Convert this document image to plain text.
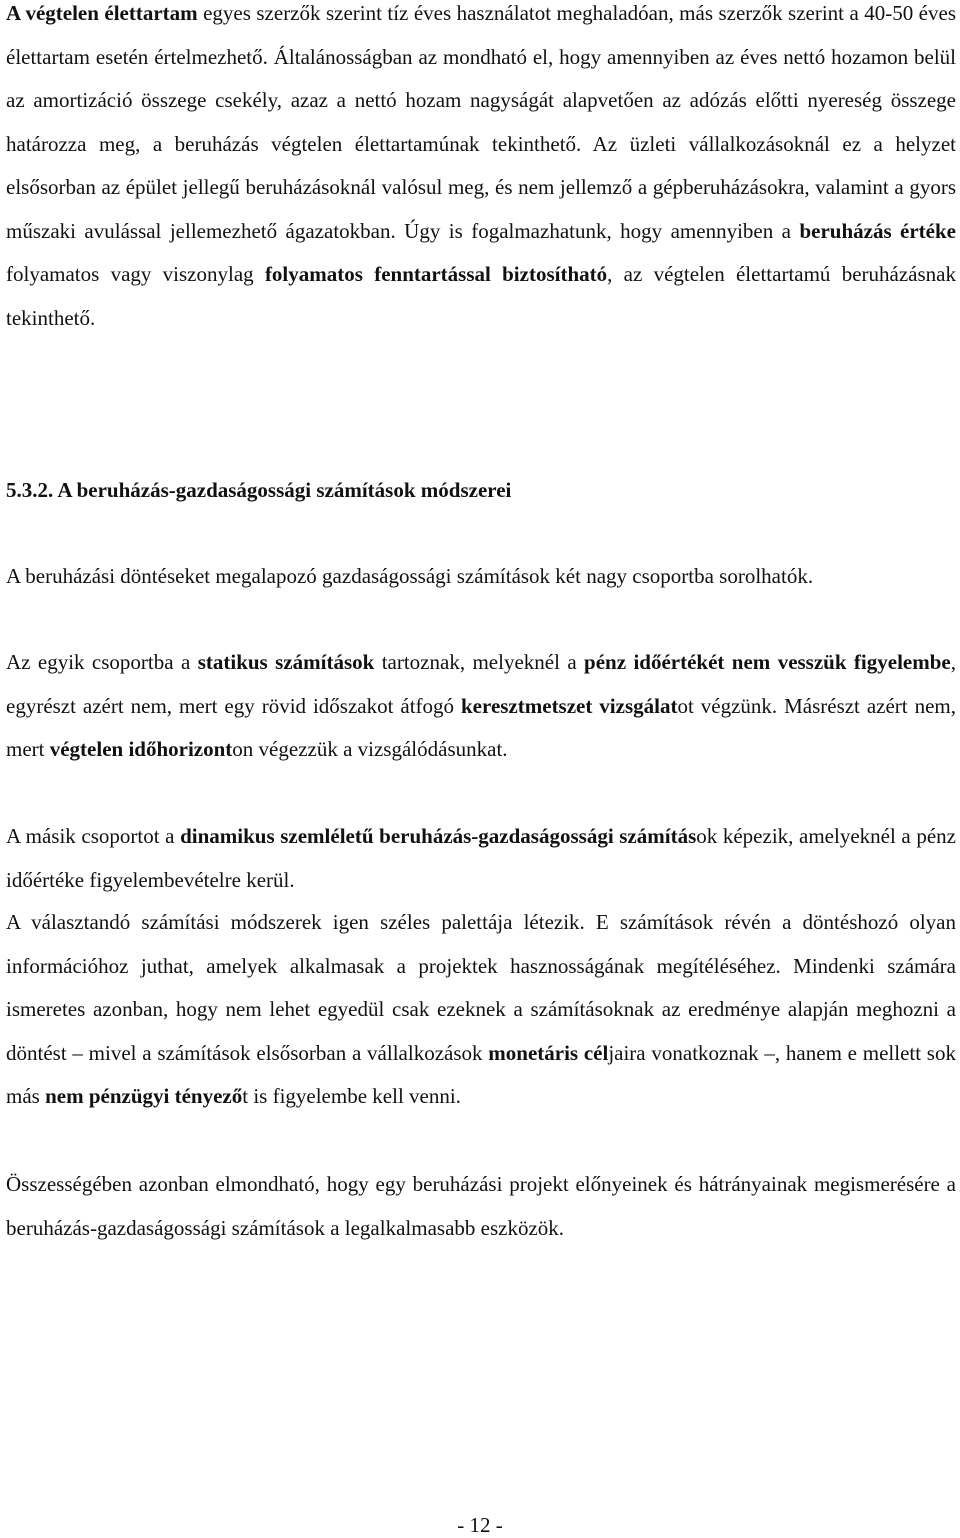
A végtelen élettartam egyes szerzők szerint tíz éves használatot meghaladóan, más szerzők szerint a 40-50 éves élettartam esetén értelmezhető. Általánosságban az mondható el, hogy amennyiben az éves nettó hozamon belül az amortizáció összege csekély, azaz a nettó hozam nagyságát alapvetően az adózás előtti nyereség összege határozza meg, a beruházás végtelen élettartamúnak tekinthető. Az üzleti vállalkozásoknál ez a helyzet elsősorban az épület jellegű beruházásoknál valósul meg, és nem jellemző a gépberuházásokra, valamint a gyors műszaki avulással jellemezhető ágazatokban. Úgy is fogalmazhatunk, hogy amennyiben a beruházás értéke folyamatos vagy viszonylag folyamatos fenntartással biztosítható, az végtelen élettartamú beruházásnak tekinthető.

5.3.2. A beruházás-gazdaságossági számítások módszerei

A beruházási döntéseket megalapozó gazdaságossági számítások két nagy csoportba sorolhatók.

Az egyik csoportba a statikus számítások tartoznak, melyeknél a pénz időértékét nem vesszük figyelembe, egyrészt azért nem, mert egy rövid időszakot átfogó keresztmetszet vizsgálatot végzünk. Másrészt azért nem, mert végtelen időhorizonton végezzük a vizsgálódásunkat.

A másik csoportot a dinamikus szemléletű beruházás-gazdaságossági számítások képezik, amelyeknél a pénz időértéke figyelembevételre kerül.

A választandó számítási módszerek igen széles palettája létezik. E számítások révén a döntéshozó olyan információhoz juthat, amelyek alkalmasak a projektek hasznosságának megítéléséhez. Mindenki számára ismeretes azonban, hogy nem lehet egyedül csak ezeknek a számításoknak az eredménye alapján meghozni a döntést – mivel a számítások elsősorban a vállalkozások monetáris céljaira vonatkoznak –, hanem e mellett sok más nem pénzügyi tényezőt is figyelembe kell venni.

Összességében azonban elmondható, hogy egy beruházási projekt előnyeinek és hátrányainak megismerésére a beruházás-gazdaságossági számítások a legalkalmasabb eszközök.

- 12 -
